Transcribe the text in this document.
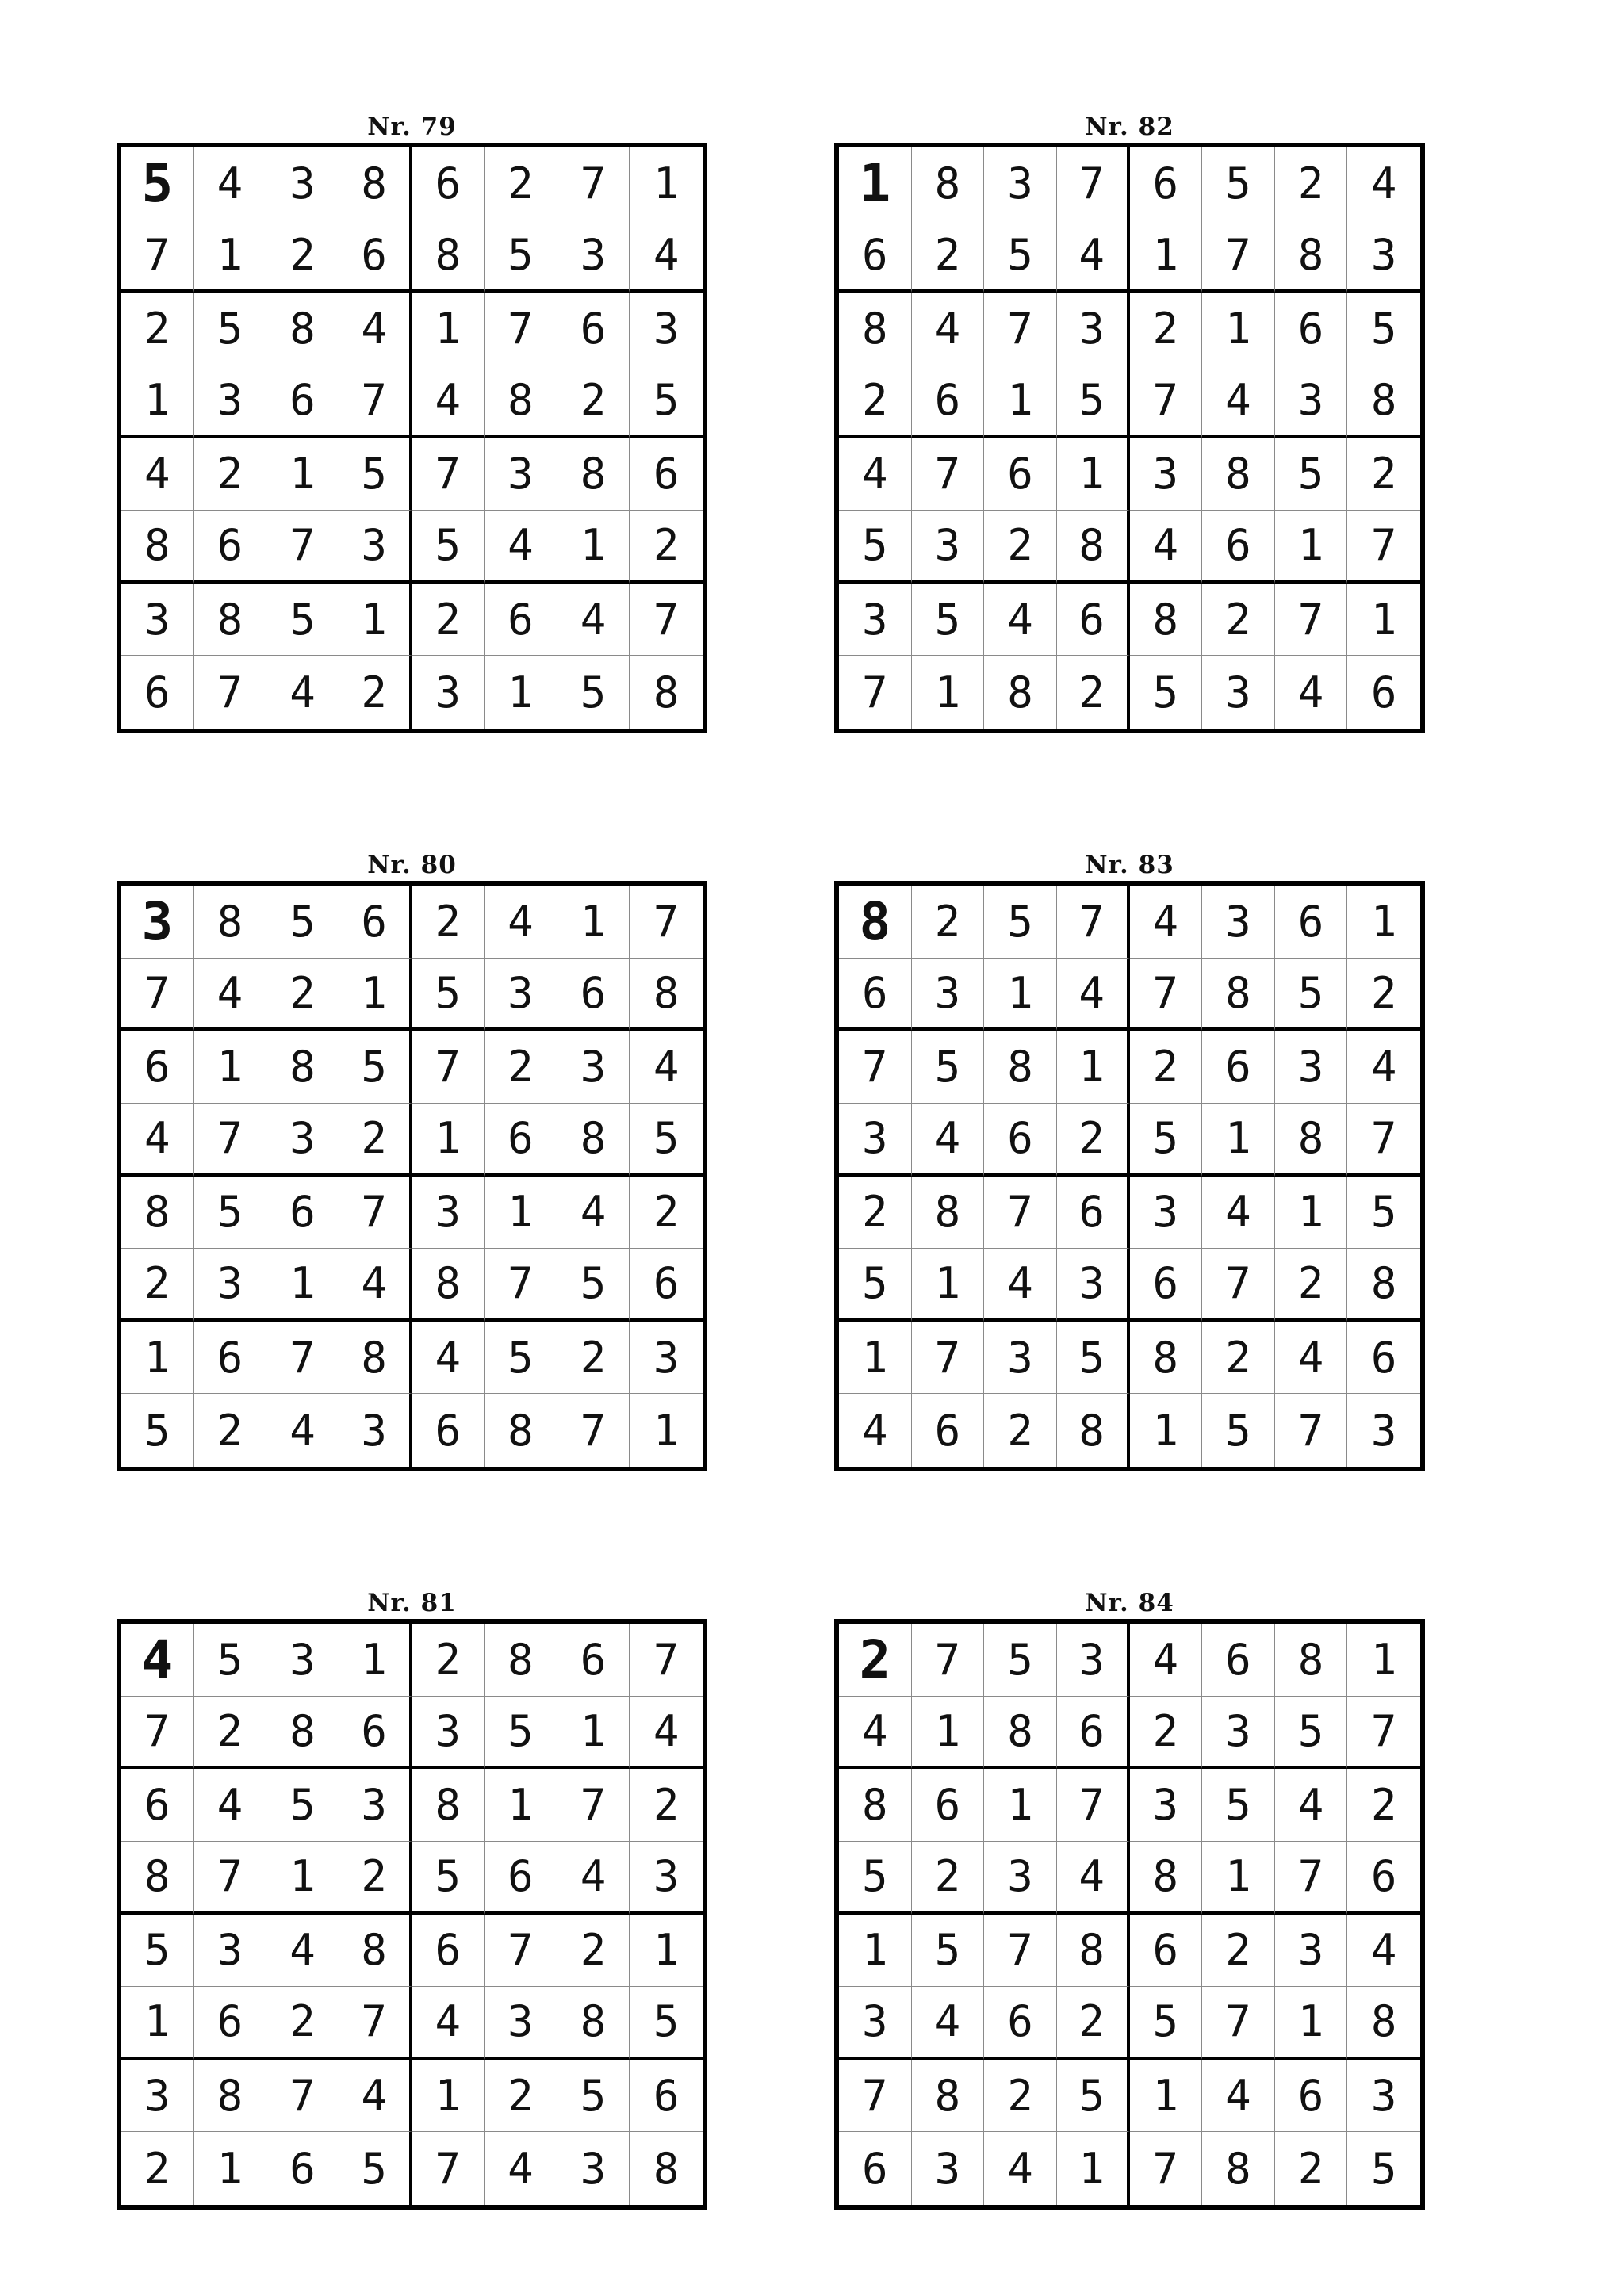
Nr. 79
5	4	3	8	6	2	7	1
7	1	2	6	8	5	3	4
2	5	8	4	1	7	6	3
1	3	6	7	4	8	2	5
4	2	1	5	7	3	8	6
8	6	7	3	5	4	1	2
3	8	5	1	2	6	4	7
6	7	4	2	3	1	5	8
Nr. 82
1	8	3	7	6	5	2	4
6	2	5	4	1	7	8	3
8	4	7	3	2	1	6	5
2	6	1	5	7	4	3	8
4	7	6	1	3	8	5	2
5	3	2	8	4	6	1	7
3	5	4	6	8	2	7	1
7	1	8	2	5	3	4	6
Nr. 80
3	8	5	6	2	4	1	7
7	4	2	1	5	3	6	8
6	1	8	5	7	2	3	4
4	7	3	2	1	6	8	5
8	5	6	7	3	1	4	2
2	3	1	4	8	7	5	6
1	6	7	8	4	5	2	3
5	2	4	3	6	8	7	1
Nr. 83
8	2	5	7	4	3	6	1
6	3	1	4	7	8	5	2
7	5	8	1	2	6	3	4
3	4	6	2	5	1	8	7
2	8	7	6	3	4	1	5
5	1	4	3	6	7	2	8
1	7	3	5	8	2	4	6
4	6	2	8	1	5	7	3
Nr. 81
4	5	3	1	2	8	6	7
7	2	8	6	3	5	1	4
6	4	5	3	8	1	7	2
8	7	1	2	5	6	4	3
5	3	4	8	6	7	2	1
1	6	2	7	4	3	8	5
3	8	7	4	1	2	5	6
2	1	6	5	7	4	3	8
Nr. 84
2	7	5	3	4	6	8	1
4	1	8	6	2	3	5	7
8	6	1	7	3	5	4	2
5	2	3	4	8	1	7	6
1	5	7	8	6	2	3	4
3	4	6	2	5	7	1	8
7	8	2	5	1	4	6	3
6	3	4	1	7	8	2	5
